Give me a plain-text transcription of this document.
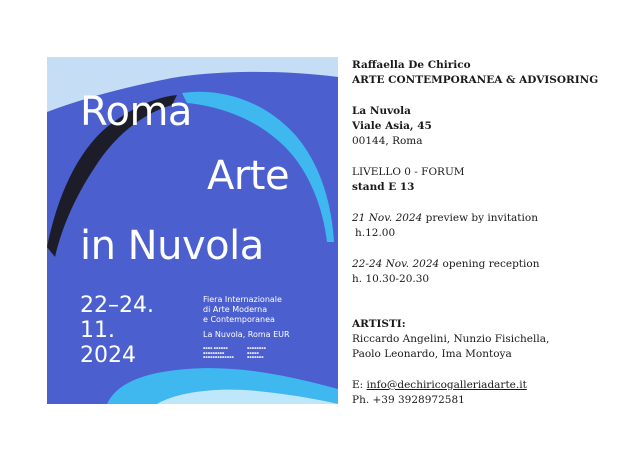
Roma
Arte
in Nuvola
22–24.
11.
2024
Fiera Internazionale
di Arte Moderna
e Contemporanea
La Nuvola, Roma EUR
▪▪▪▪ ▪▪▪▪▪▪
▪▪▪▪▪▪▪▪▪
▪▪▪▪▪▪▪▪▪▪▪▪▪
▪▪▪▪▪▪▪▪
▪▪▪▪▪
▪▪▪▪▪▪▪
Raffaella De Chirico
ARTE CONTEMPORANEA & ADVISORING
La Nuvola
Viale Asia, 45
00144, Roma
LIVELLO 0 - FORUM
stand E 13
21 Nov. 2024 preview by invitation
h.12.00
22-24 Nov. 2024 opening reception
h. 10.30-20.30
ARTISTI:
Riccardo Angelini, Nunzio Fisichella,
Paolo Leonardo, Ima Montoya
E: info@dechiricogalleriadarte.it
Ph. +39 3928972581
